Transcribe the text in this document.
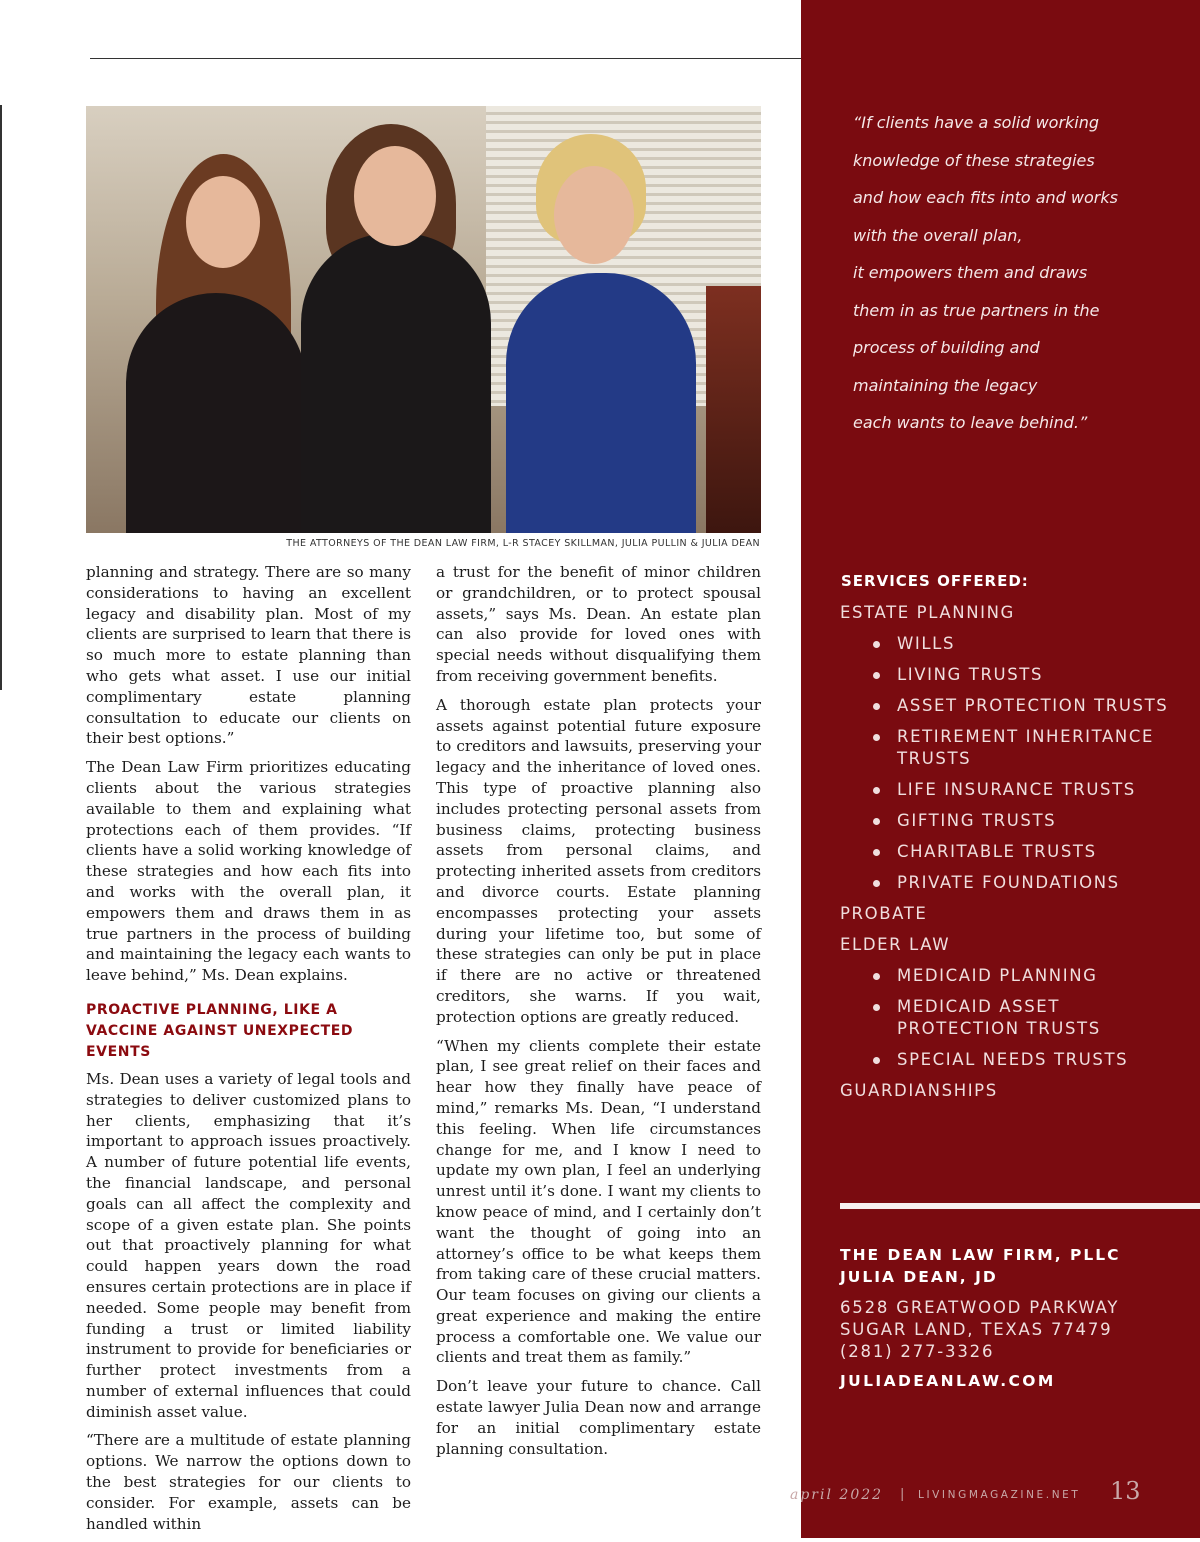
THE ATTORNEYS OF THE DEAN LAW FIRM, L-R STACEY SKILLMAN, JULIA PULLIN & JULIA DEAN

planning and strategy. There are so many considerations to having an excellent legacy and disability plan. Most of my clients are surprised to learn that there is so much more to estate planning than who gets what asset. I use our initial complimentary estate planning consultation to educate our clients on their best options.”

The Dean Law Firm prioritizes educating clients about the various strategies available to them and explaining what protections each of them provides. “If clients have a solid working knowledge of these strategies and how each fits into and works with the overall plan, it empowers them and draws them in as true partners in the process of building and maintaining the legacy each wants to leave behind,” Ms. Dean explains.

PROACTIVE PLANNING, LIKE A VACCINE AGAINST UNEXPECTED EVENTS

Ms. Dean uses a variety of legal tools and strategies to deliver customized plans to her clients, emphasizing that it’s important to approach issues proactively. A number of future potential life events, the financial landscape, and personal goals can all affect the complexity and scope of a given estate plan. She points out that proactively planning for what could happen years down the road ensures certain protections are in place if needed. Some people may benefit from funding a trust or limited liability instrument to provide for beneficiaries or further protect investments from a number of external influences that could diminish asset value.

“There are a multitude of estate planning options. We narrow the options down to the best strategies for our clients to consider. For example, assets can be handled within

a trust for the benefit of minor children or grandchildren, or to protect spousal assets,” says Ms. Dean. An estate plan can also provide for loved ones with special needs without disqualifying them from receiving government benefits.

A thorough estate plan protects your assets against potential future exposure to creditors and lawsuits, preserving your legacy and the inheritance of loved ones. This type of proactive planning also includes protecting personal assets from business claims, protecting business assets from personal claims, and protecting inherited assets from creditors and divorce courts. Estate planning encompasses protecting your assets during your lifetime too, but some of these strategies can only be put in place if there are no active or threatened creditors, she warns. If you wait, protection options are greatly reduced.

“When my clients complete their estate plan, I see great relief on their faces and hear how they finally have peace of mind,” remarks Ms. Dean, “I understand this feeling. When life circumstances change for me, and I know I need to update my own plan, I feel an underlying unrest until it’s done. I want my clients to know peace of mind, and I certainly don’t want the thought of going into an attorney’s office to be what keeps them from taking care of these crucial matters. Our team focuses on giving our clients a great experience and making the entire process a comfortable one. We value our clients and treat them as family.”

Don’t leave your future to chance. Call estate lawyer Julia Dean now and arrange for an initial complimentary estate planning consultation.

“If clients have a solid working
knowledge of these strategies
and how each fits into and works
with the overall plan,
it empowers them and draws
them in as true partners in the
process of building and
maintaining the legacy
each wants to leave behind.”
SERVICES OFFERED:
ESTATE PLANNING
WILLS
LIVING TRUSTS
ASSET PROTECTION TRUSTS
RETIREMENT INHERITANCE TRUSTS
LIFE INSURANCE TRUSTS
GIFTING TRUSTS
CHARITABLE TRUSTS
PRIVATE FOUNDATIONS
PROBATE
ELDER LAW
MEDICAID PLANNING
MEDICAID ASSET PROTECTION TRUSTS
SPECIAL NEEDS TRUSTS
GUARDIANSHIPS
THE DEAN LAW FIRM, PLLC
JULIA DEAN, JD
6528 GREATWOOD PARKWAY
SUGAR LAND, TEXAS 77479
(281) 277-3326
JULIADEANLAW.COM
april 2022 | LIVINGMAGAZINE.NET 13
